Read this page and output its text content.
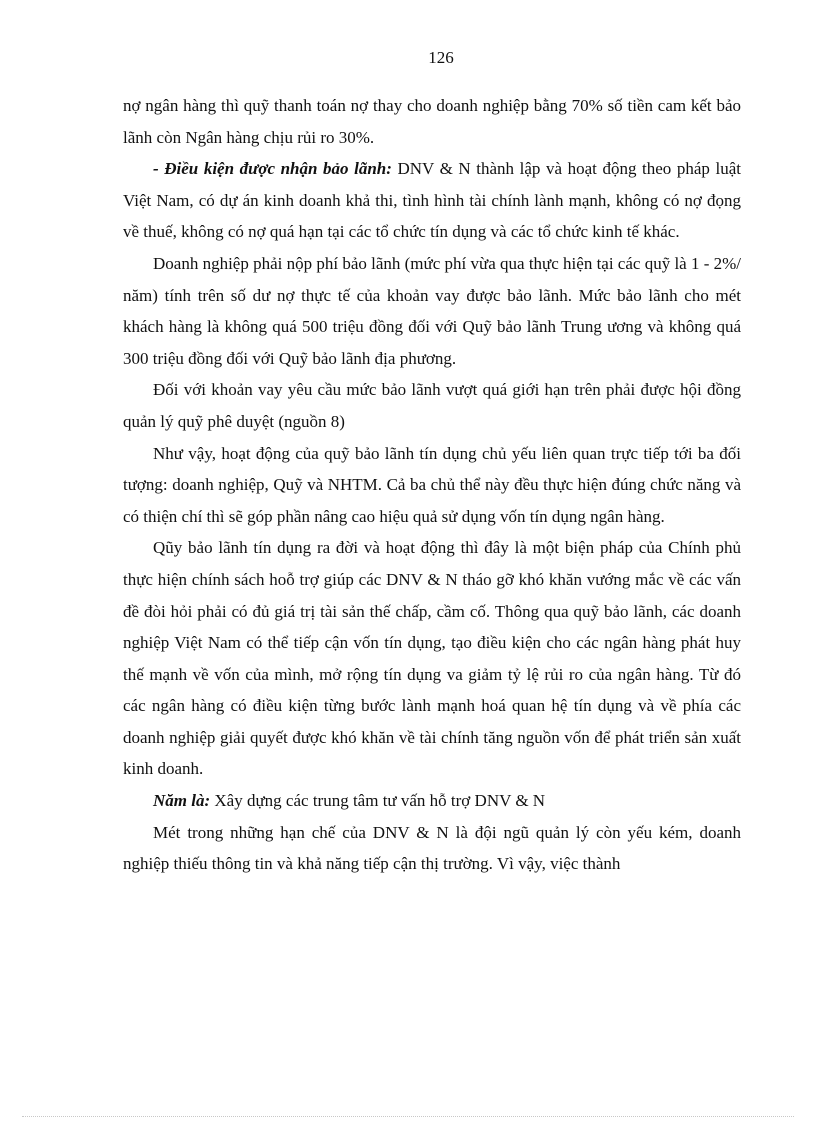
126

nợ ngân hàng thì quỹ thanh toán nợ thay cho doanh nghiệp bằng 70% số tiền cam kết bảo lãnh còn Ngân hàng chịu rủi ro 30%.

- Điều kiện được nhận bảo lãnh: DNV & N thành lập và hoạt động theo pháp luật Việt Nam, có dự án kinh doanh khả thi, tình hình tài chính lành mạnh, không có nợ đọng về thuế, không có nợ quá hạn tại các tổ chức tín dụng và các tổ chức kinh tế khác.

Doanh nghiệp phải nộp phí bảo lãnh (mức phí vừa qua thực hiện tại các quỹ là 1 - 2%/ năm) tính trên số dư nợ thực tế của khoản vay được bảo lãnh. Mức bảo lãnh cho mét khách hàng là không quá 500 triệu đồng đối với Quỹ bảo lãnh Trung ương và không quá 300 triệu đồng đối với Quỹ bảo lãnh địa phương.

Đối với khoản vay yêu cầu mức bảo lãnh vượt quá giới hạn trên phải được hội đồng quản lý quỹ phê duyệt (nguồn 8)

Như vậy, hoạt động của quỹ bảo lãnh tín dụng chủ yếu liên quan trực tiếp tới ba đối tượng: doanh nghiệp, Quỹ và NHTM. Cả ba chủ thể này đều thực hiện đúng chức năng và có thiện chí thì sẽ góp phần nâng cao hiệu quả sử dụng vốn tín dụng ngân hàng.

Qũy bảo lãnh tín dụng ra đời và hoạt động thì đây là một biện pháp của Chính phủ thực hiện chính sách hoỗ trợ giúp các DNV & N tháo gỡ khó khăn vướng mắc về các vấn đề đòi hỏi phải có đủ giá trị tài sản thế chấp, cầm cố. Thông qua quỹ bảo lãnh, các doanh nghiệp Việt Nam có thể tiếp cận vốn tín dụng, tạo điều kiện cho các ngân hàng phát huy thế mạnh về vốn của mình, mở rộng tín dụng va giảm tỷ lệ rủi ro của ngân hàng. Từ đó các ngân hàng có điều kiện từng bước lành mạnh hoá quan hệ tín dụng và về phía các doanh nghiệp giải quyết được khó khăn về tài chính tăng nguồn vốn để phát triển sản xuất kinh doanh.

Năm là: Xây dựng các trung tâm tư vấn hỗ trợ DNV & N

Mét trong những hạn chế của DNV & N là đội ngũ quản lý còn yếu kém, doanh nghiệp thiếu thông tin và khả năng tiếp cận thị trường. Vì vậy, việc thành
